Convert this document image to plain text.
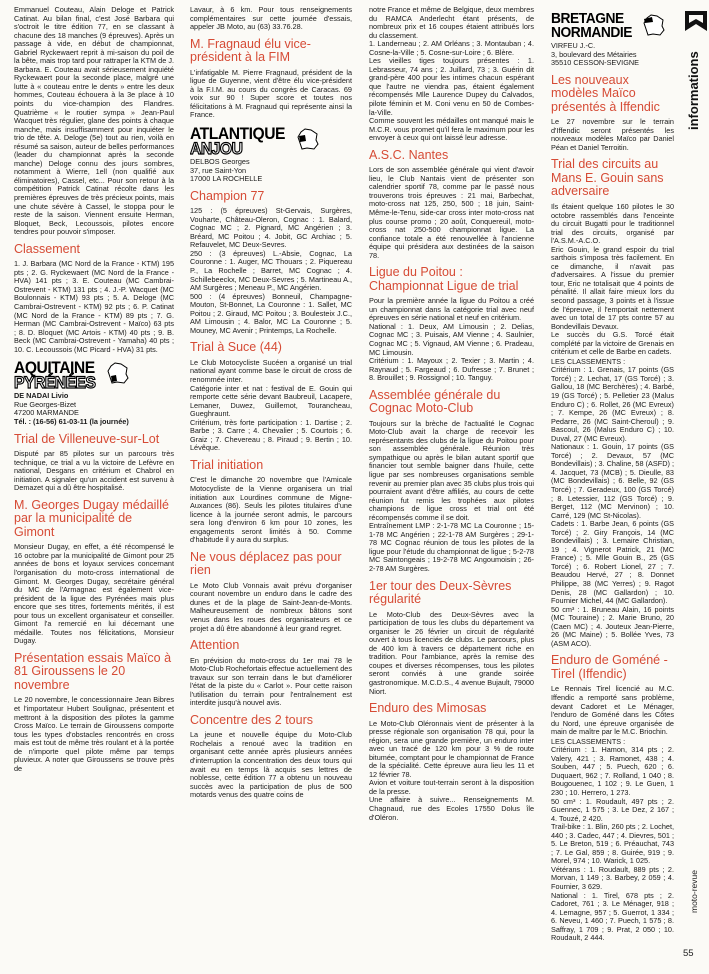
Emmanuel Couteau, Alain Deloge et Patrick Catinat. Au bilan final, c'est José Barbara qui s'octroit le titre édition 77, en se classant à chacune des 18 manches (9 épreuves). Après un passage à vide, en début de championnat, Gabriel Ryckewaert reprit à mi-saison du poil de la bête, mais trop tard pour rattraper la KTM de J. Barbara. E. Couteau avait sérieusement inquiété Ryckewaert pour la seconde place, malgré une lutte à « couteau entre le dents » entre les deux hommes, Couteau échouera à la 3e place à 10 points du vice-champion des Flandres. Quatrième « le routier sympa » Jean-Paul Wacquet très régulier, glane des points à chaque manche, mais insuffisamment pour inquiéter le trio de tête. A. Deloge (5e) tout au rien, voilà en résumé sa saison, auteur de belles performances (leader du championnat après la seconde manche) Deloge connu des jours sombres, notamment à Wierre, 1ell (non qualifié aux éliminatoires), Cassel, etc... Pour son retour à la compétition Patrick Catinat récolte dans les premières épreuves de très précieux points, mais une chute sévère à Cassel, le stoppa pour le reste de la saison. Viennent ensuite Herman, Bloquet, Beck, Lecoussois, pilotes encore tendres pour pouvoir s'imposer.

Classement

1. J. Barbara (MC Nord de la France - KTM) 195 pts ; 2. G. Ryckewaert (MC Nord de la France - HVA) 141 pts ; 3. E. Couteau (MC Cambrai-Ostrevent - KTM) 131 pts ; 4. J.-P. Wacquet (MC Boulonnais - KTM) 93 pts ; 5. A. Deloge (MC Cambrai-Ostrevent - KTM) 92 pts ; 6. P. Catinat (MC Nord de la France - KTM) 89 pts ; 7. G. Herman (MC Cambrai-Ostrevent - Maïco) 63 pts ; 8. D. Bloquet (MC Artois - KTM) 40 pts ; 9. B. Beck (MC Cambrai-Ostrevent - Yamaha) 40 pts ; 10. C. Lecoussois (MC Picard - HVA) 31 pts.

AQUITAINE
PYRÉNÉES
DE NADAI Livio
Rue Georges-Bizet
47200 MARMANDE
Tél. : (16-56) 61-03-11 (la journée)
Trial de Villeneuve-sur-Lot

Disputé par 85 pilotes sur un parcours très technique, ce trial a vu la victoire de Lefèvre en national, Desgans en critérium et Chabrol en initiation. A signaler qu'un accident est survenu à Demazet qui a dû être hospitalisé.

M. Georges Dugay médaillé par la municipalité de Gimont

Monsieur Dugay, en effet, a été récompensé le 16 octobre par la municipalité de Gimont pour 25 années de bons et loyaux services concernant l'organisation du moto-cross international de Gimont. M. Georges Dugay, secrétaire général du MC de l'Armagnac est également vice-président de la ligue des Pyrénées mais plus encore que ses titres, fortements mérités, il est pour tous un excellent organisateur et conseiller. Gimont l'a remercié en lui décernant une médaille. Toutes nos félicitations, Monsieur Dugay.

Présentation essais Maïco à 81 Giroussens le 20 novembre

Le 20 novembre, le concessionnaire Jean Bibres et l'importateur Hubert Soulignac, présentent et mettront à la disposition des pilotes la gamme Cross Maïco. Le terrain de Giroussens comporte tous les types d'obstacles rencontrés en cross mais est tout de même très roulant et à la portée de n'importe quel pilote même par temps pluvieux. A noter que Giroussens se trouve près de

Lavaur, à 6 km. Pour tous renseignements complémentaires sur cette journée d'essais, appeler JB Moto, au (63) 33.76.28.

M. Fragnaud élu vice-président à la FIM

L'infatigable M. Pierre Fragnaud, président de la ligue de Guyenne, vient d'être élu vice-président à la F.I.M. au cours du congrès de Caracas. 69 voix sur 90 ! Super score et toutes nos félicitations à M. Fragnaud qui représente ainsi la France.

ATLANTIQUE
ANJOU
DELBOS Georges
37, rue Saint-Yon
17000 LA ROCHELLE
Champion 77

125 : (5 épreuves) St-Gervais, Surgères, Vouharte, Château-Oleron, Cognac : 1. Balard, Cognac MC ; 2. Pignard, MC Angérien ; 3. Bréard, MC Poitou ; 4. Jobit, GC Archiac ; 5. Refauvelet, MC Deux-Sevres.
250 : (3 épreuves) L.-Absie, Cognac, La Couronne : 1. Auger, MC Thouars ; 2. Piquereau P., La Rochelle ; Barret, MC Cognac ; 4. Schillebeeckx, MC Deux-Sevres ; 5. Martineau A., AM Surgères ; Meneau P., MC Angérien.
500 : (4 épreuves) Bonneuil, Champagne-Mouton, St-Bonnet, La Couronne : 1. Sallet, MC Poitou ; 2. Giraud, MC Poitou ; 3. Boulesteix J.C., AM Limousin ; 4. Balor, MC La Couronne ; 5. Mouney, MC Avenir ; Printemps, La Rochelle.

Trial à Suce (44)

Le Club Motocycliste Sucéen a organisé un trial national ayant comme base le circuit de cross de renommée inter.
Catégorie inter et nat : festival de E. Gouin qui remporte cette série devant Baubreuil, Lacapere, Lemaner, Duwez, Guillemot, Tourancheau, Gueghraunt.
Critérium, très forte participation : 1. Dartise ; 2. Barbe ; 3. Carre ; 4. Chevalier ; 5. Courtois ; 6. Graiz ; 7. Chevereau ; 8. Piraud ; 9. Bertin ; 10. Lévêque.

Trial initiation

C'est le dimanche 20 novembre que l'Amicale Motocycliste de la Vienne organisera un trial initiation aux Lourdines commune de Migne-Auxances (86). Seuls les pilotes titulaires d'une licence à la journée seront admis, le parcours sera long d'environ 6 km pour 10 zones, les engagements seront limités à 50. Comme d'habitude il y aura du surplus.

Ne vous déplacez pas pour rien

Le Moto Club Vonnais avait prévu d'organiser courant novembre un enduro dans le cadre des dunes et de la plage de Saint-Jean-de-Monts. Malheureusement de nombreux bâtons sont venus dans les roues des organisateurs et ce projet a dû être abandonné à leur grand regret.

Attention

En prévision du moto-cross du 1er mai 78 le Moto-Club Rochefortais effectue actuellement des travaux sur son terrain dans le but d'améliorer l'état de la piste du « Carlot ». Pour cette raison l'utilisation du terrain pour l'entraînement est interdite jusqu'à nouvel avis.

Concentre des 2 tours

La jeune et nouvelle équipe du Moto-Club Rochelais a renoué avec la tradition en organisant cette année après plusieurs années d'interruption la concentration des deux tours qui avait eu en temps là acquis ses lettres de noblesse, cette édition 77 a obtenu un nouveau succès avec la participation de plus de 500 motards venus des quatre coins de

notre France et même de Belgique, deux membres du RAMCA Anderlecht étant présents, de nombreux prix et 16 coupes étaient attribués lors du classement.
1. Landerneau ; 2. AM Orléans ; 3. Montauban ; 4. Cosne-la-Ville ; 5. Cosne-sur-Loire ; 6. Blère.
Les vieilles tiges toujours présentes : 1. Lebrasseur, 74 ans ; 2. Juillard, 73 ; 3. Guérin dit grand-père 400 pour les intimes chacun espérant que l'autre ne viendra pas, étaient également récompensés Mlle Laurence Dupey du Calvados, pilote féminin et M. Coni venu en 50 de Combes-la-Ville.
Comme souvent les médailles ont manqué mais le M.C.R. vous promet qu'il fera le maximum pour les envoyer à ceux qui ont laissé leur adresse.

A.S.C. Nantes

Lors de son assemblée générale qui vient d'avoir lieu, le Club Nantais vient de présenter son calendrier sportif 78, comme par le passé nous trouverons trois épreuves : 21 mai, Barbechat, moto-cross nat 125, 250, 500 ; 18 juin, Saint-Même-le-Tenu, side-car cross inter moto-cross nat plus course promo ; 20 août, Conquereuil, moto-cross nat 250-500 championnat ligue. La confiance totale a été renouvellée à l'ancienne équipe qui présidera aux destinées de la saison 78.

Ligue du Poitou : Championnat Ligue de trial

Pour la première année la ligue du Poitou a créé un championnat dans la catégorie trial avec neuf épreuves en série national et neuf en critérium.
National : 1. Deux, AM Limousin ; 2. Delias, Cognac MC ; 3. Puisais, AM Vienne ; 4. Saulnier, Cognac MC ; 5. Vignaud, AM Vienne ; 6. Pradeau, MC Limousin.
Critérium : 1. Mayoux ; 2. Texier ; 3. Martin ; 4. Raynaud ; 5. Fargeaud ; 6. Dufresse ; 7. Brunet ; 8. Brouillet ; 9. Rossignol ; 10. Tanguy.

Assemblée générale du Cognac Moto-Club

Toujours sur la brèche de l'actualité le Cognac Moto-Club avait la charge de recevoir les représentants des clubs de la ligue du Poitou pour son assemblée générale. Réunion très sympathique ou après le bilan autant sportif que financier tout semble baigner dans l'huile, cette ligue par ses nombreuses organisations semble revenir au premier plan avec 35 clubs plus trois qui pourraient avant d'être affiliés, au cours de cette réunion fut remis les trophées aux pilotes champions de ligue cross et trial ont été récompensés comme il se doit.
Entraînement LMP : 2-1-78 MC La Couronne ; 15-1-78 MC Angérien ; 22-1-78 AM Surgères ; 29-1-78 MC Cognac réunion de tous les pilotes de la ligue pour l'étude du championnat de ligue ; 5-2-78 MC Saintongeais ; 19-2-78 MC Angoumoisin ; 26-2-78 AM Surgères.

1er tour des Deux-Sèvres régularité

Le Moto-Club des Deux-Sèvres avec la participation de tous les clubs du département va organiser le 26 février un circuit de régularité ouvert à tous licenciés de clubs. Le parcours, plus de 400 km à travers ce département riche en tradition. Pour l'ambiance, après la remise des coupes et diverses récompenses, tous les pilotes seront conviés à une grande soirée gastronomique. M.C.D.S., 4 avenue Bujault, 79000 Niort.

Enduro des Mimosas

Le Moto-Club Oléronnais vient de présenter à la presse régionale son organisation 78 qui, pour la région, sera une grande première, un enduro inter avec un tracé de 120 km pour 3 % de route bitumée, comptant pour le championnat de France de la spécialité. Cette épreuve aura lieu les 11 et 12 février 78.
Avion et voiture tout-terrain seront à la disposition de la presse.
Une affaire à suivre... Renseignements M. Chagnaud, rue des Ecoles 17550 Dolus île d'Oléron.

BRETAGNE
NORMANDIE
VIRFEU J.-C.
3, boulevard des Métairies
35510 CESSON-SEVIGNE
Les nouveaux modèles Maïco présentés à Iffendic

Le 27 novembre sur le terrain d'Iffendic seront présentés les nouveaux modèles Maïco par Daniel Péan et Daniel Terroitin.

Trial des circuits au Mans E. Gouin sans adversaire

Ils étaient quelque 160 pilotes le 30 octobre rassemblés dans l'enceinte du circuit Bugatti pour le traditionnel trial des circuits, organisé par l'A.S.M.-A.C.O.
Eric Gouin, le grand espoir du trial sarthois s'imposa très facilement. En ce dimanche, il n'avait pas d'adversaires. A l'issue du premier tour, Eric ne totalisait que 4 points de pénalité. Il allait faire mieux lors du second passage, 3 points et à l'issue de l'épreuve, il l'emportait nettement avec un total de 17 pts contre 57 au Bondevillais Devaux.
Le succès du G.S. Torcé était complété par la victoire de Grenais en critérium et celle de Barbe en cadets.

LES CLASSEMENTS :
Critérium : 1. Grenais, 17 points (GS Torcé) ; 2. Lechat, 17 (GS Torcé) ; 3. Gallou, 18 (MC Berchères) ; 4. Barbé, 19 (GS Torcé) ; 5. Pelletier 23 (Malus Enduro C) ; 6. Rollet, 26 (MC Evreux) ; 7. Kempe, 26 (MC Evreux) ; 8. Pedarre, 26 (MC Saint-Cheroul) ; 9. Bascoul, 26 (Malus Enduro C) ; 10. Duval, 27 (MC Evreux).
Nationaux : 1. Gouin, 17 points (GS Torcé) ; 2. Devaux, 57 (MC Bondevillais) ; 3. Chaline, 58 (ASFD) ; 4. Jacquet, 73 (MCB) ; 5. Dieulle, 83 (MC Bondevillais) ; 6. Belle, 92 (GS Torcé) ; 7. Geradeux, 100 (GS Torcé) ; 8. Letessier, 112 (GS Torcé) ; 9. Berget, 112 (MC Mervinon) ; 10. Carré, 129 (MC St-Nicolas).
Cadets : 1. Barbe Jean, 6 points (GS Torcé) ; 2. Giry François, 14 (MC Bondevillais) ; 3. Lemaire Christian, 19 ; 4. Vignerot Patrick, 21 (MC France) ; 5. Mlle Gouin B., 25 (GS Torcé) ; 6. Robert Lionel, 27 ; 7. Beaudou Hervé, 27 ; 8. Donnet Philippe, 38 (MC Yerres) ; 9. Ragot Denis, 28 (MC Gallardon) ; 10. Fournier Michel, 44 (MC Gallardon).
50 cm³ : 1. Bruneau Alain, 16 points (MC Touraine) ; 2. Marie Bruno, 20 (Caen MC) ; 4. Jouteux Jean-Pierre, 26 (MC Maine) ; 5. Bollée Yves, 73 (ASM ACO).

Enduro de Goméné - Tirel (Iffendic)

Le Rennais Tirel licencié au M.C. Iffendic a remporté sans problème, devant Cadoret et Le Ménager, l'enduro de Goméné dans les Côtes du Nord, une épreuve organisée de main de maître par le M.C. Briochin.

LES CLASSEMENTS :
Critérium : 1. Hamon, 314 pts ; 2. Valery, 421 ; 3. Ramonet, 438 ; 4. Souben, 447 ; 5. Puech, 620 ; 6. Duquaert, 962 ; 7. Rolland, 1 040 ; 8. Bougouenec, 1 102 ; 9. Le Guen, 1 230 ; 10. Herrero, 1 273.
50 cm³ : 1. Roudault, 497 pts ; 2. Guennec, 1 575 ; 3. Le Dez, 2 167 ; 4. Touzé, 2 420.
Trail-bike : 1. Blin, 260 pts ; 2. Lochet, 440 ; 3. Cadec, 447 ; 4. Dievres, 501 ; 5. Le Breton, 519 ; 6. Préauchat, 743 ; 7. Le Gal, 859 ; 8. Guirée, 919 ; 9. Morel, 974 ; 10. Warick, 1 025.
Vétérans : 1. Roudault, 889 pts ; 2. Morvan, 1 149 ; 3. Barbey, 2 059 ; 4. Fournier, 3 629.
National : 1. Tirel, 678 pts ; 2. Cadoret, 761 ; 3. Le Ménager, 918 ; 4. Lemagne, 957 ; 5. Guerrot, 1 334 ; 6. Neveu, 1 460 ; 7. Puech, 1 575 ; 8. Saffray, 1 709 ; 9. Prat, 2 050 ; 10. Roudault, 2 444.

informations
moto-revue
55
